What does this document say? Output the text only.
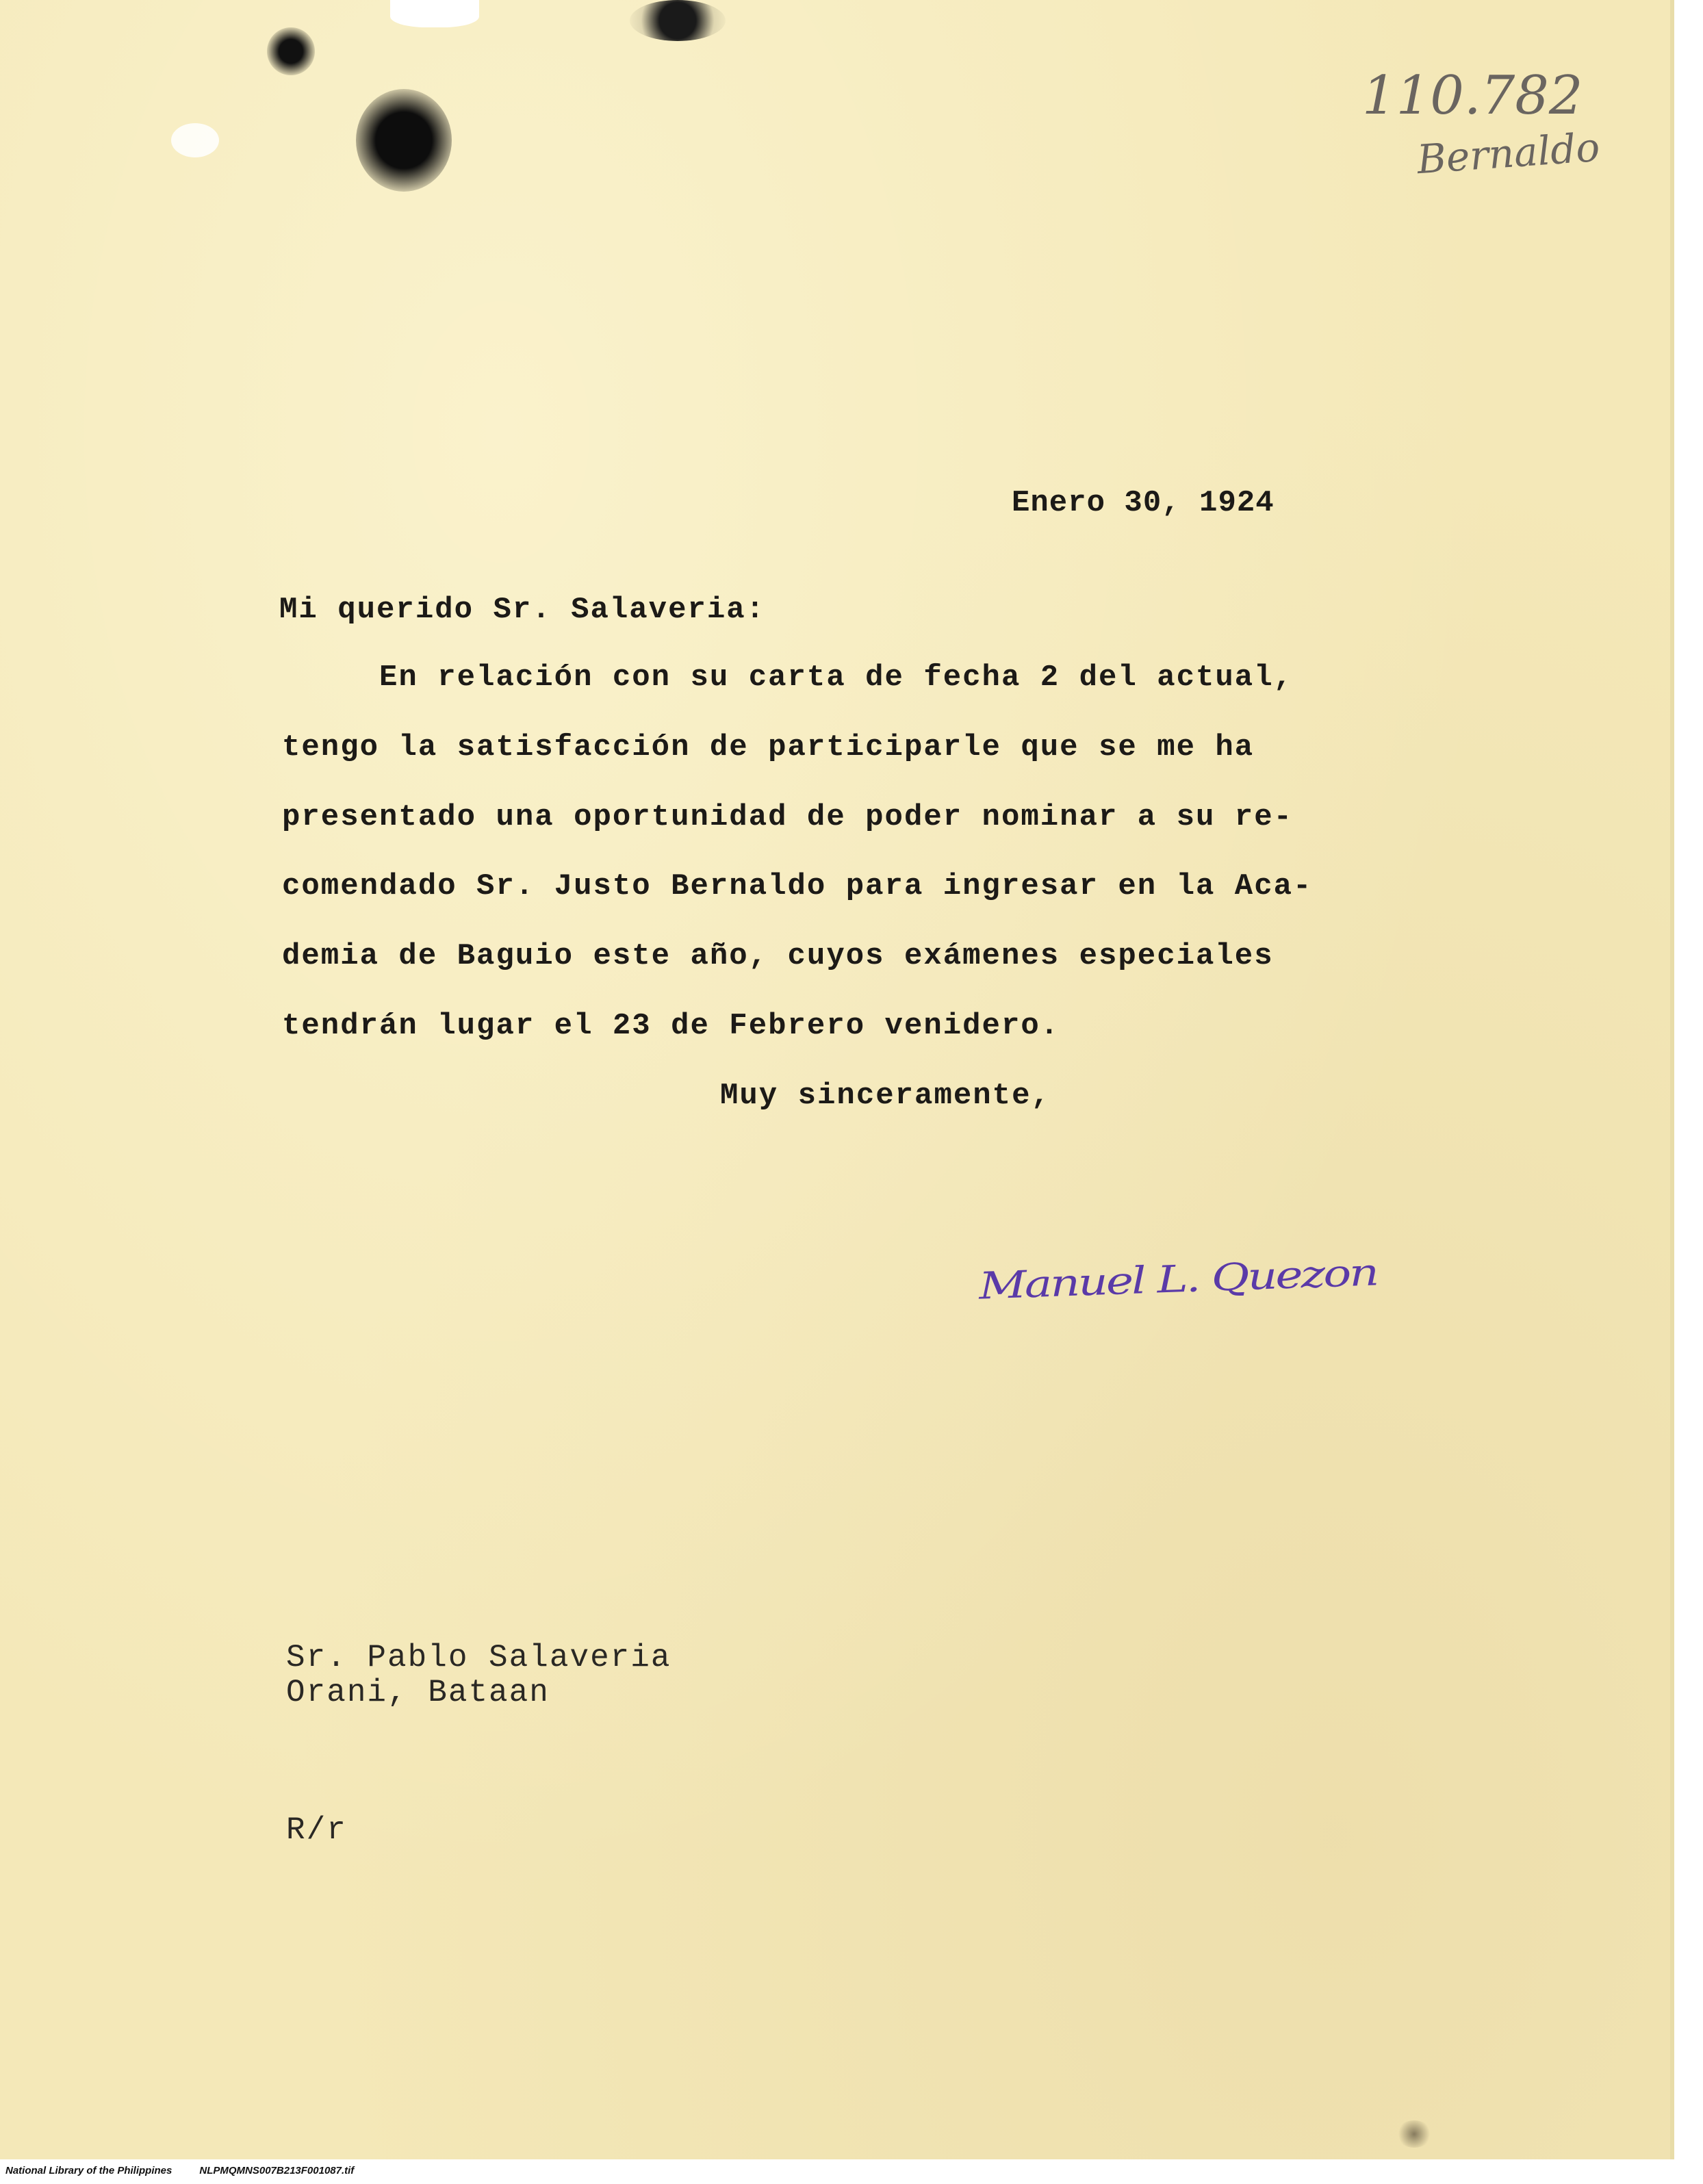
110.782

Bernaldo

Enero 30, 1924

Mi querido Sr. Salaveria:

En relación con su carta de fecha 2 del actual,

tengo la satisfacción de participarle que se me ha

presentado una oportunidad de poder nominar a su re-

comendado Sr. Justo Bernaldo para ingresar en la Aca-

demia de Baguio este año, cuyos exámenes especiales

tendrán lugar el 23 de Febrero venidero.

Muy sinceramente,

Manuel L. Quezon

Sr. Pablo Salaveria

Orani, Bataan

R/r

National Library of the Philippines	NLPMQMNS007B213F001087.tif
